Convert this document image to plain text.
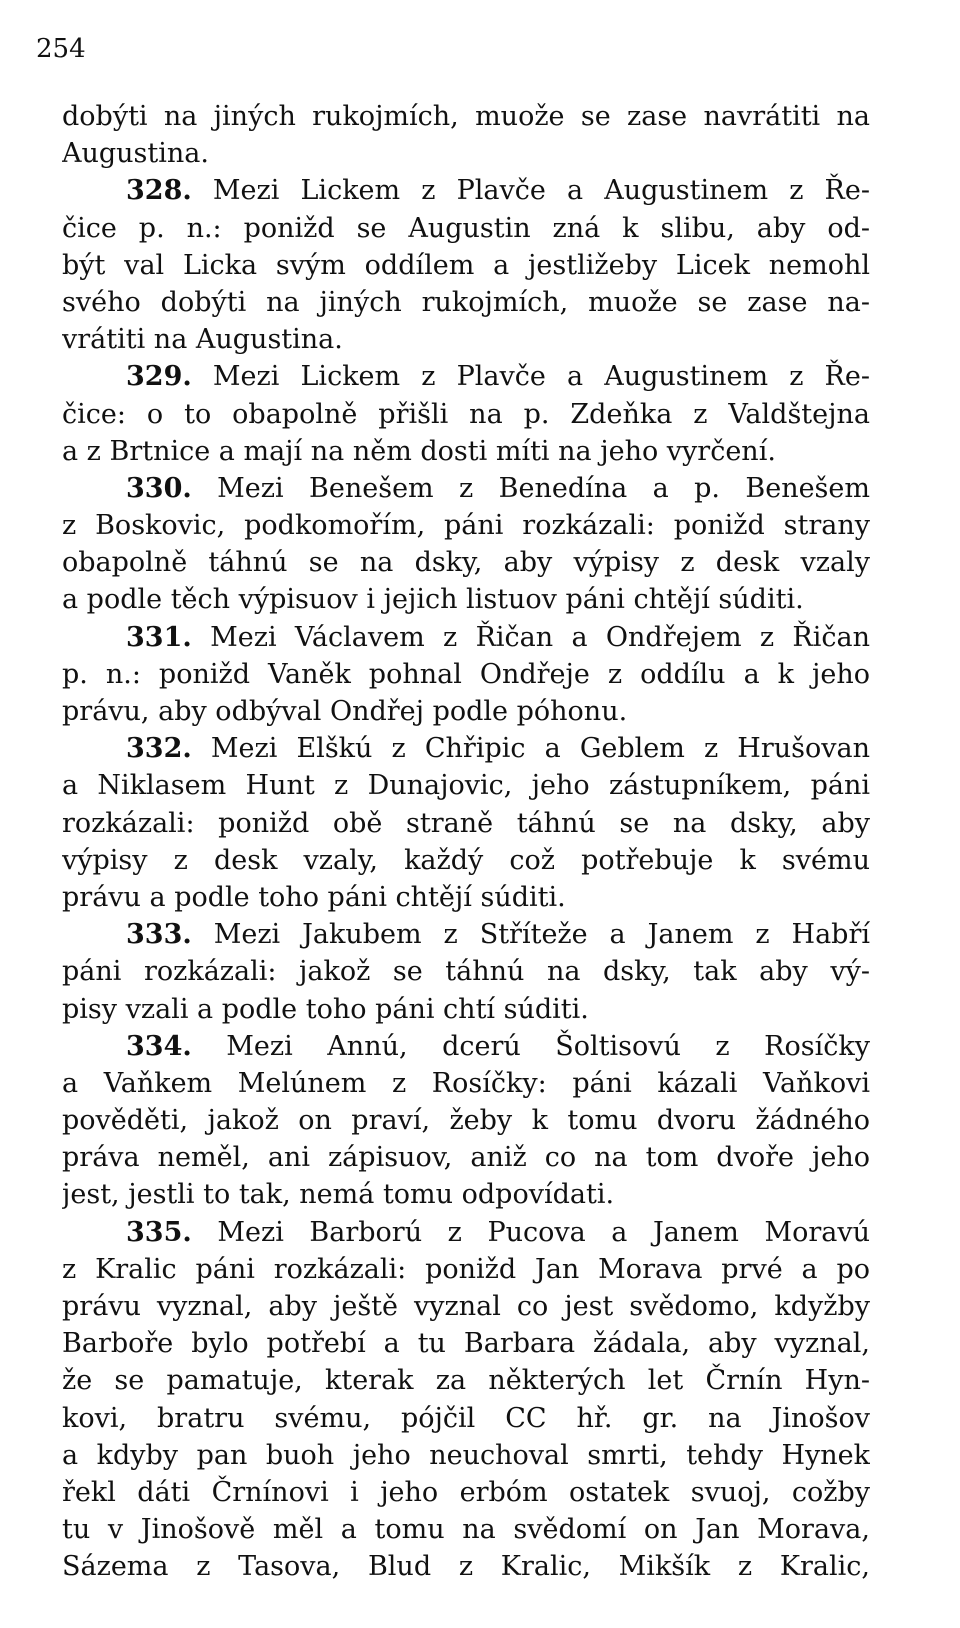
254
dobýti na jiných rukojmích, muože se zase navrátiti na
Augustina.
328. Mezi Lickem z Plavče a Augustinem z Ře-
čice p. n.: ponižd se Augustin zná k slibu, aby od-
být val Licka svým oddílem a jestližeby Licek nemohl
svého dobýti na jiných rukojmích, muože se zase na-
vrátiti na Augustina.
329. Mezi Lickem z Plavče a Augustinem z Ře-
čice: o to obapolně přišli na p. Zdeňka z Valdštejna
a z Brtnice a mají na něm dosti míti na jeho vyrčení.
330. Mezi Benešem z Benedína a p. Benešem
z Boskovic, podkomořím, páni rozkázali: ponižd strany
obapolně táhnú se na dsky, aby výpisy z desk vzaly
a podle těch výpisuov i jejich listuov páni chtějí súditi.
331. Mezi Václavem z Řičan a Ondřejem z Řičan
p. n.: ponižd Vaněk pohnal Ondřeje z oddílu a k jeho
právu, aby odbýval Ondřej podle póhonu.
332. Mezi Elškú z Chřipic a Geblem z Hrušovan
a Niklasem Hunt z Dunajovic, jeho zástupníkem, páni
rozkázali: ponižd obě straně táhnú se na dsky, aby
výpisy z desk vzaly, každý což potřebuje k svému
právu a podle toho páni chtějí súditi.
333. Mezi Jakubem z Stříteže a Janem z Habří
páni rozkázali: jakož se táhnú na dsky, tak aby vý-
pisy vzali a podle toho páni chtí súditi.
334. Mezi Annú, dcerú Šoltisovú z Rosíčky
a Vaňkem Melúnem z Rosíčky: páni kázali Vaňkovi
pověděti, jakož on praví, žeby k tomu dvoru žádného
práva neměl, ani zápisuov, aniž co na tom dvoře jeho
jest, jestli to tak, nemá tomu odpovídati.
335. Mezi Barború z Pucova a Janem Moravú
z Kralic páni rozkázali: ponižd Jan Morava prvé a po
právu vyznal, aby ještě vyznal co jest svědomo, kdyžby
Barboře bylo potřebí a tu Barbara žádala, aby vyznal,
že se pamatuje, kterak za některých let Črnín Hyn-
kovi, bratru svému, pójčil CC hř. gr. na Jinošov
a kdyby pan buoh jeho neuchoval smrti, tehdy Hynek
řekl dáti Črnínovi i jeho erbóm ostatek svuoj, cožby
tu v Jinošově měl a tomu na svědomí on Jan Morava,
Sázema z Tasova, Blud z Kralic, Mikšík z Kralic,
